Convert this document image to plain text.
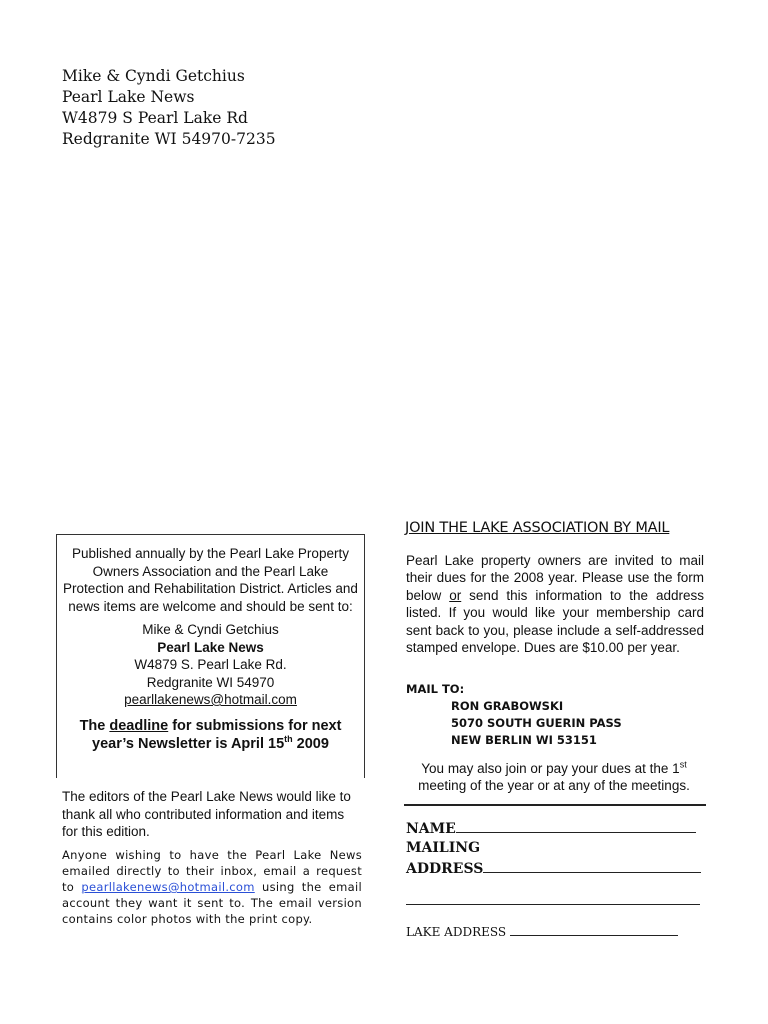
Mike & Cyndi Getchius
Pearl Lake News
W4879 S Pearl Lake Rd
Redgranite WI 54970-7235
Published annually by the Pearl Lake Property Owners Association and the Pearl Lake Protection and Rehabilitation District. Articles and news items are welcome and should be sent to:
Mike & Cyndi Getchius
Pearl Lake News
W4879 S. Pearl Lake Rd.
Redgranite WI 54970
pearllakenews@hotmail.com
The deadline for submissions for next year’s Newsletter is April 15th 2009
The editors of the Pearl Lake News would like to thank all who contributed information and items for this edition.
Anyone wishing to have the Pearl Lake News emailed directly to their inbox, email a request to pearllakenews@hotmail.com using the email account they want it sent to. The email version contains color photos with the print copy.
JOIN THE LAKE ASSOCIATION BY MAIL
Pearl Lake property owners are invited to mail their dues for the 2008 year. Please use the form below or send this information to the address listed. If you would like your membership card sent back to you, please include a self-addressed stamped envelope. Dues are $10.00 per year.
MAIL TO:
RON GRABOWSKI
5070 SOUTH GUERIN PASS
NEW BERLIN WI 53151
You may also join or pay your dues at the 1st meeting of the year or at any of the meetings.
NAME
MAILING
ADDRESS
LAKE ADDRESS
